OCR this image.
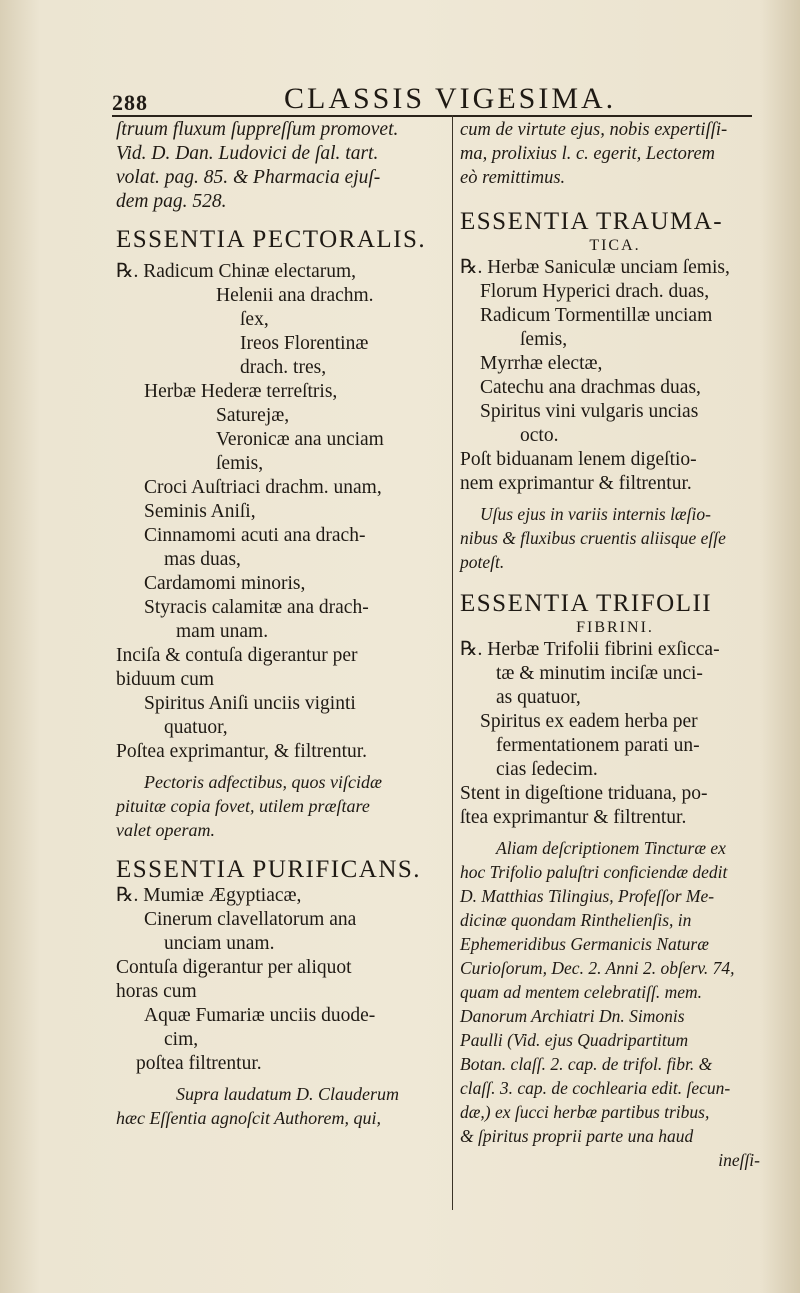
288	CLASSIS VIGESIMA.
ſtruum fluxum ſuppreſſum promovet.
Vid. D. Dan. Ludovici de ſal. tart.
volat. pag. 85. & Pharmacia ejuſ-
dem pag. 528.
ESSENTIA PECTORALIS.
℞. Radicum Chinæ electarum,
Helenii ana drachm.
ſex,
Ireos Florentinæ
drach. tres,
Herbæ Hederæ terreſtris,
Saturejæ,
Veronicæ ana unciam
ſemis,
Croci Auſtriaci drachm. unam,
Seminis Aniſi,
Cinnamomi acuti ana drach-
mas duas,
Cardamomi minoris,
Styracis calamitæ ana drach-
mam unam.
Inciſa & contuſa digerantur per
biduum cum
Spiritus Aniſi unciis viginti
quatuor,
Poſtea exprimantur, & filtrentur.
Pectoris adfectibus, quos viſcidæ
pituitæ copia fovet, utilem præſtare
valet operam.
ESSENTIA PURIFICANS.
℞. Mumiæ Ægyptiacæ,
Cinerum clavellatorum ana
unciam unam.
Contuſa digerantur per aliquot
horas cum
Aquæ Fumariæ unciis duode-
cim,
poſtea filtrentur.
Supra laudatum D. Clauderum
hæc Eſſentia agnoſcit Authorem, qui,
cum de virtute ejus, nobis expertiſſi-
ma, prolixius l. c. egerit, Lectorem
eò remittimus.
ESSENTIA TRAUMA-
TICA.
℞. Herbæ Saniculæ unciam ſemis,
Florum Hyperici drach. duas,
Radicum Tormentillæ unciam
ſemis,
Myrrhæ electæ,
Catechu ana drachmas duas,
Spiritus vini vulgaris uncias
octo.
Poſt biduanam lenem digeſtio-
nem exprimantur & filtrentur.
Uſus ejus in variis internis læſio-
nibus & fluxibus cruentis aliisque eſſe
poteſt.
ESSENTIA TRIFOLII
FIBRINI.
℞. Herbæ Trifolii fibrini exſicca-
tæ & minutim inciſæ unci-
as quatuor,
Spiritus ex eadem herba per
fermentationem parati un-
cias ſedecim.
Stent in digeſtione triduana, po-
ſtea exprimantur & filtrentur.
Aliam deſcriptionem Tincturæ ex
hoc Trifolio paluſtri conficiendæ dedit
D. Matthias Tilingius, Profeſſor Me-
dicinæ quondam Rinthelienſis, in
Ephemeridibus Germanicis Naturæ
Curioſorum, Dec. 2. Anni 2. obſerv. 74,
quam ad mentem celebratiſſ. mem.
Danorum Archiatri Dn. Simonis
Paulli (Vid. ejus Quadripartitum
Botan. claſſ. 2. cap. de trifol. fibr. &
claſſ. 3. cap. de cochlearia edit. ſecun-
dæ,) ex ſucci herbæ partibus tribus,
& ſpiritus proprii parte una haud
ineſſi-
